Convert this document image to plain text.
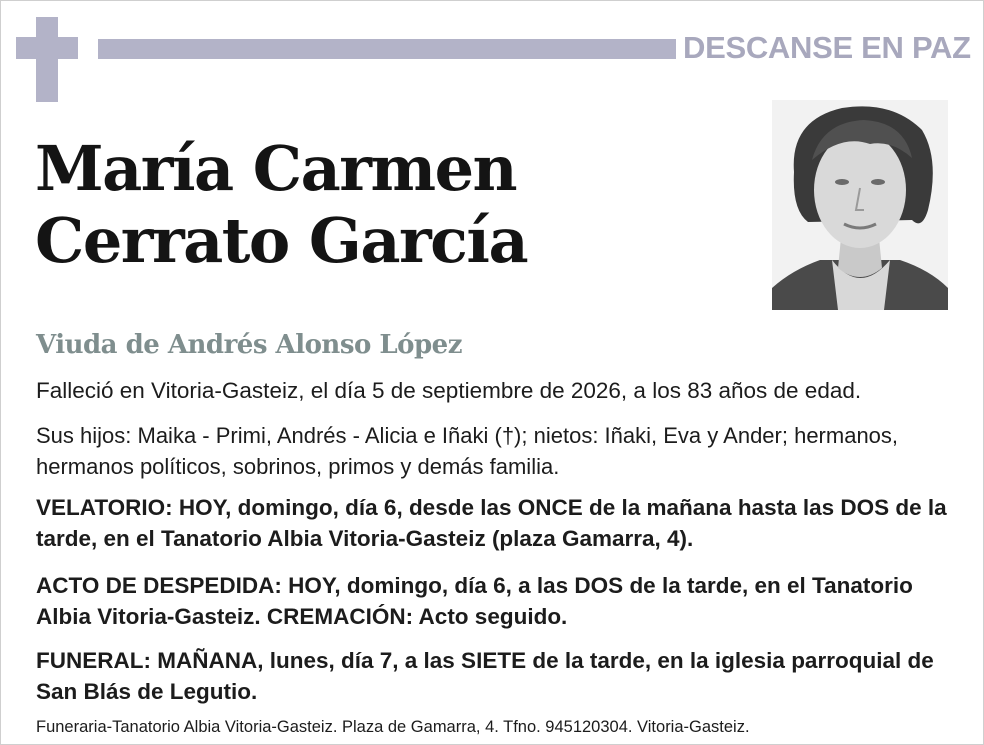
DESCANSE EN PAZ
María Carmen
Cerrato García
Viuda de Andrés Alonso López
Falleció en Vitoria-Gasteiz, el día 5 de septiembre de 2026, a los 83 años de edad.
Sus hijos: Maika - Primi, Andrés - Alicia e Iñaki (†); nietos: Iñaki, Eva y Ander; hermanos, hermanos políticos, sobrinos, primos y demás familia.
VELATORIO: HOY, domingo, día 6, desde las ONCE de la mañana hasta las DOS de la tarde, en el Tanatorio Albia Vitoria-Gasteiz (plaza Gamarra, 4).
ACTO DE DESPEDIDA: HOY, domingo, día 6, a las DOS de la tarde, en el Tanatorio Albia Vitoria-Gasteiz. CREMACIÓN: Acto seguido.
FUNERAL: MAÑANA, lunes, día 7, a las SIETE de la tarde, en la iglesia parroquial de San Blás de Legutio.
Funeraria-Tanatorio Albia Vitoria-Gasteiz. Plaza de Gamarra, 4. Tfno. 945120304. Vitoria-Gasteiz.
